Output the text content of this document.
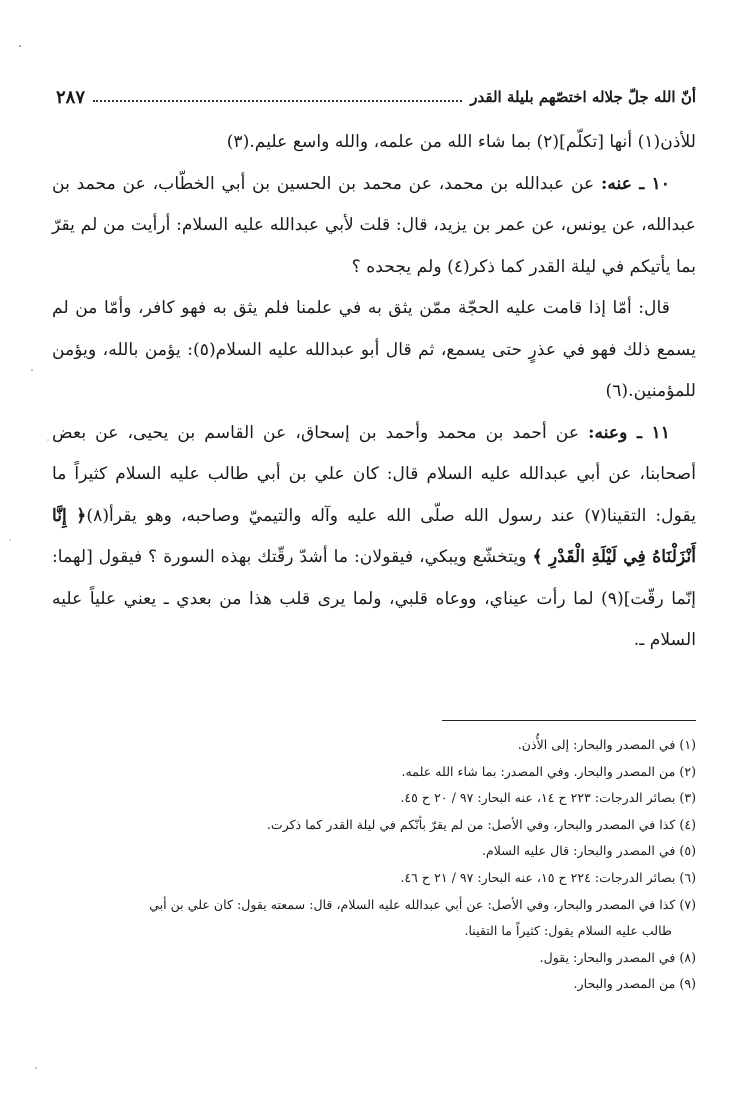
أنّ الله جلّ جلاله اختصّهم بليلة القدر
٢٨٧

للأذن(١) أنها [تكلّم](٢) بما شاء الله من علمه، والله واسع عليم.(٣)

١٠ ـ عنه: عن عبدالله بن محمد، عن محمد بن الحسين بن أبي الخطّاب، عن محمد بن عبدالله، عن يونس، عن عمر بن يزيد، قال: قلت لأبي عبدالله عليه السلام: أرأيت من لم يقرّ بما يأتيكم في ليلة القدر كما ذكر(٤) ولم يجحده ؟

قال: أمّا إذا قامت عليه الحجّة ممّن يثق به في علمنا فلم يثق به فهو كافر، وأمّا من لم يسمع ذلك فهو في عذرٍ حتى يسمع، ثم قال أبو عبدالله عليه السلام(٥): يؤمن بالله، ويؤمن للمؤمنين.(٦)

١١ ـ وعنه: عن أحمد بن محمد وأحمد بن إسحاق، عن القاسم بن يحيى، عن بعض أصحابنا، عن أبي عبدالله عليه السلام قال: كان علي بن أبي طالب عليه السلام كثيراً ما يقول: التقينا(٧) عند رسول الله صلّى الله عليه وآله والتيميّ وصاحبه، وهو يقرأ(٨)﴿ إِنَّا أَنْزَلْنَاهُ فِي لَيْلَةِ الْقَدْرِ ﴾ ويتخشّع ويبكي، فيقولان: ما أشدّ رقّتك بهذه السورة ؟ فيقول [لهما: إنّما رقّت](٩) لما رأت عيناي، ووعاه قلبي، ولما يرى قلب هذا من بعدي ـ يعني علياً عليه السلام ـ.

(١) في المصدر والبحار: إلى الأُذن.

(٢) من المصدر والبحار. وفي المصدر: بما شاء الله علمه.

(٣) بصائر الدرجات: ٢٢٣ ح ١٤، عنه البحار: ٩٧ / ٢٠ ح ٤٥.

(٤) كذا في المصدر والبحار، وفي الأصل: من لم يقرّ بأنّكم في ليلة القدر كما ذكرت.

(٥) في المصدر والبحار: قال عليه السلام.

(٦) بصائر الدرجات: ٢٢٤ ح ١٥، عنه البحار: ٩٧ / ٢١ ح ٤٦.

(٧) كذا في المصدر والبحار، وفي الأصل: عن أبي عبدالله عليه السلام، قال: سمعته يقول: كان علي بن أبي

طالب عليه السلام يقول: كثيراً ما التقينا.

(٨) في المصدر والبحار: يقول.

(٩) من المصدر والبحار.
